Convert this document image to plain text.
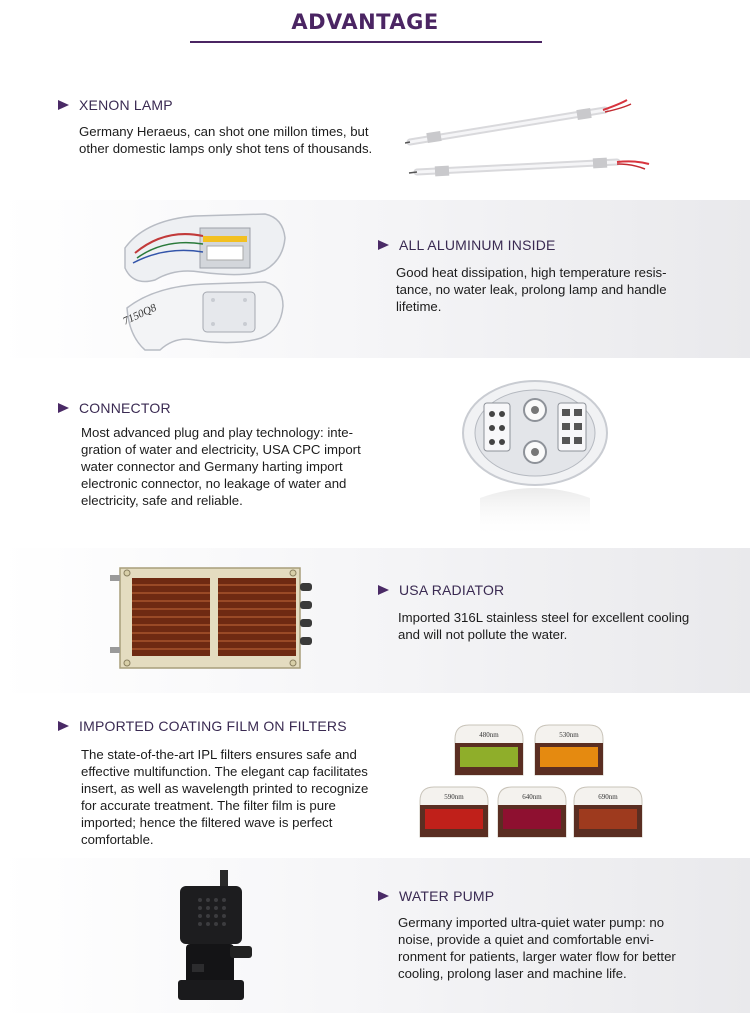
ADVANTAGE
XENON LAMP
Germany Heraeus, can shot one millon times, but other domestic lamps only shot tens of thousands.
7150Q8
ALL ALUMINUM INSIDE
Good heat dissipation, high temperature resis-tance, no water leak, prolong lamp and handle lifetime.
CONNECTOR
Most advanced plug and play technology: inte-gration of water and electricity, USA CPC import water connector and Germany harting import electronic connector, no leakage of water and electricity, safe and reliable.
USA RADIATOR
Imported 316L stainless steel for excellent cooling and will not pollute the water.
IMPORTED COATING FILM ON FILTERS
The state-of-the-art IPL filters ensures safe and effective multifunction. The elegant cap facilitates insert, as well as wavelength printed to recognize for accurate treatment. The filter film is pure imported; hence the filtered wave is perfect comfortable.
480nm	530nm
590nm	640nm	690nm
WATER PUMP
Germany imported ultra-quiet water pump: no noise, provide a quiet and comfortable envi-ronment for patients, larger water flow for better cooling, prolong laser and machine life.
